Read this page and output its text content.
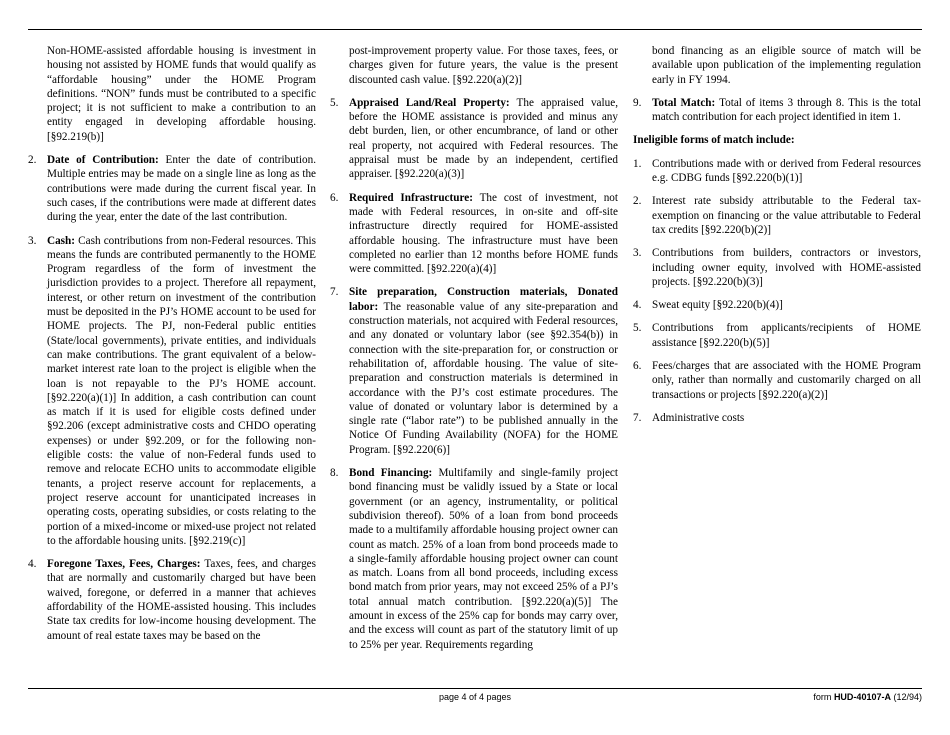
Non-HOME-assisted affordable housing is investment in housing not assisted by HOME funds that would qualify as “affordable housing” under the HOME Program definitions. “NON” funds must be contributed to a specific project; it is not sufficient to make a contribution to an entity engaged in developing affordable housing. [§92.219(b)]
2. Date of Contribution: Enter the date of contribution. Multiple entries may be made on a single line as long as the contributions were made during the current fiscal year. In such cases, if the contributions were made at different dates during the year, enter the date of the last contribution.
3. Cash: Cash contributions from non-Federal resources. This means the funds are contributed permanently to the HOME Program regardless of the form of investment the jurisdiction provides to a project. Therefore all repayment, interest, or other return on investment of the contribution must be deposited in the PJ’s HOME account to be used for HOME projects. The PJ, non-Federal public entities (State/local governments), private entities, and individuals can make contributions. The grant equivalent of a below-market interest rate loan to the project is eligible when the loan is not repayable to the PJ’s HOME account. [§92.220(a)(1)] In addition, a cash contribution can count as match if it is used for eligible costs defined under §92.206 (except administrative costs and CHDO operating expenses) or under §92.209, or for the following non-eligible costs: the value of non-Federal funds used to remove and relocate ECHO units to accommodate eligible tenants, a project reserve account for replacements, a project reserve account for unanticipated increases in operating costs, operating subsidies, or costs relating to the portion of a mixed-income or mixed-use project not related to the affordable housing units. [§92.219(c)]
4. Foregone Taxes, Fees, Charges: Taxes, fees, and charges that are normally and customarily charged but have been waived, foregone, or deferred in a manner that achieves affordability of the HOME-assisted housing. This includes State tax credits for low-income housing development. The amount of real estate taxes may be based on the
post-improvement property value. For those taxes, fees, or charges given for future years, the value is the present discounted cash value. [§92.220(a)(2)]
5. Appraised Land/Real Property: The appraised value, before the HOME assistance is provided and minus any debt burden, lien, or other encumbrance, of land or other real property, not acquired with Federal resources. The appraisal must be made by an independent, certified appraiser. [§92.220(a)(3)]
6. Required Infrastructure: The cost of investment, not made with Federal resources, in on-site and off-site infrastructure directly required for HOME-assisted affordable housing. The infrastructure must have been completed no earlier than 12 months before HOME funds were committed. [§92.220(a)(4)]
7. Site preparation, Construction materials, Donated labor: The reasonable value of any site-preparation and construction materials, not acquired with Federal resources, and any donated or voluntary labor (see §92.354(b)) in connection with the site-preparation for, or construction or rehabilitation of, affordable housing. The value of site-preparation and construction materials is determined in accordance with the PJ’s cost estimate procedures. The value of donated or voluntary labor is determined by a single rate (“labor rate”) to be published annually in the Notice Of Funding Availability (NOFA) for the HOME Program. [§92.220(6)]
8. Bond Financing: Multifamily and single-family project bond financing must be validly issued by a State or local government (or an agency, instrumentality, or political subdivision thereof). 50% of a loan from bond proceeds made to a multifamily affordable housing project owner can count as match. 25% of a loan from bond proceeds made to a single-family affordable housing project owner can count as match. Loans from all bond proceeds, including excess bond match from prior years, may not exceed 25% of a PJ’s total annual match contribution. [§92.220(a)(5)] The amount in excess of the 25% cap for bonds may carry over, and the excess will count as part of the statutory limit of up to 25% per year. Requirements regarding
bond financing as an eligible source of match will be available upon publication of the implementing regulation early in FY 1994.
9. Total Match: Total of items 3 through 8. This is the total match contribution for each project identified in item 1.
Ineligible forms of match include:
1. Contributions made with or derived from Federal resources e.g. CDBG funds [§92.220(b)(1)]
2. Interest rate subsidy attributable to the Federal tax-exemption on financing or the value attributable to Federal tax credits [§92.220(b)(2)]
3. Contributions from builders, contractors or investors, including owner equity, involved with HOME-assisted projects. [§92.220(b)(3)]
4. Sweat equity [§92.220(b)(4)]
5. Contributions from applicants/recipients of HOME assistance [§92.220(b)(5)]
6. Fees/charges that are associated with the HOME Program only, rather than normally and customarily charged on all transactions or projects [§92.220(a)(2)]
7. Administrative costs
page 4 of 4 pages	form HUD-40107-A (12/94)
